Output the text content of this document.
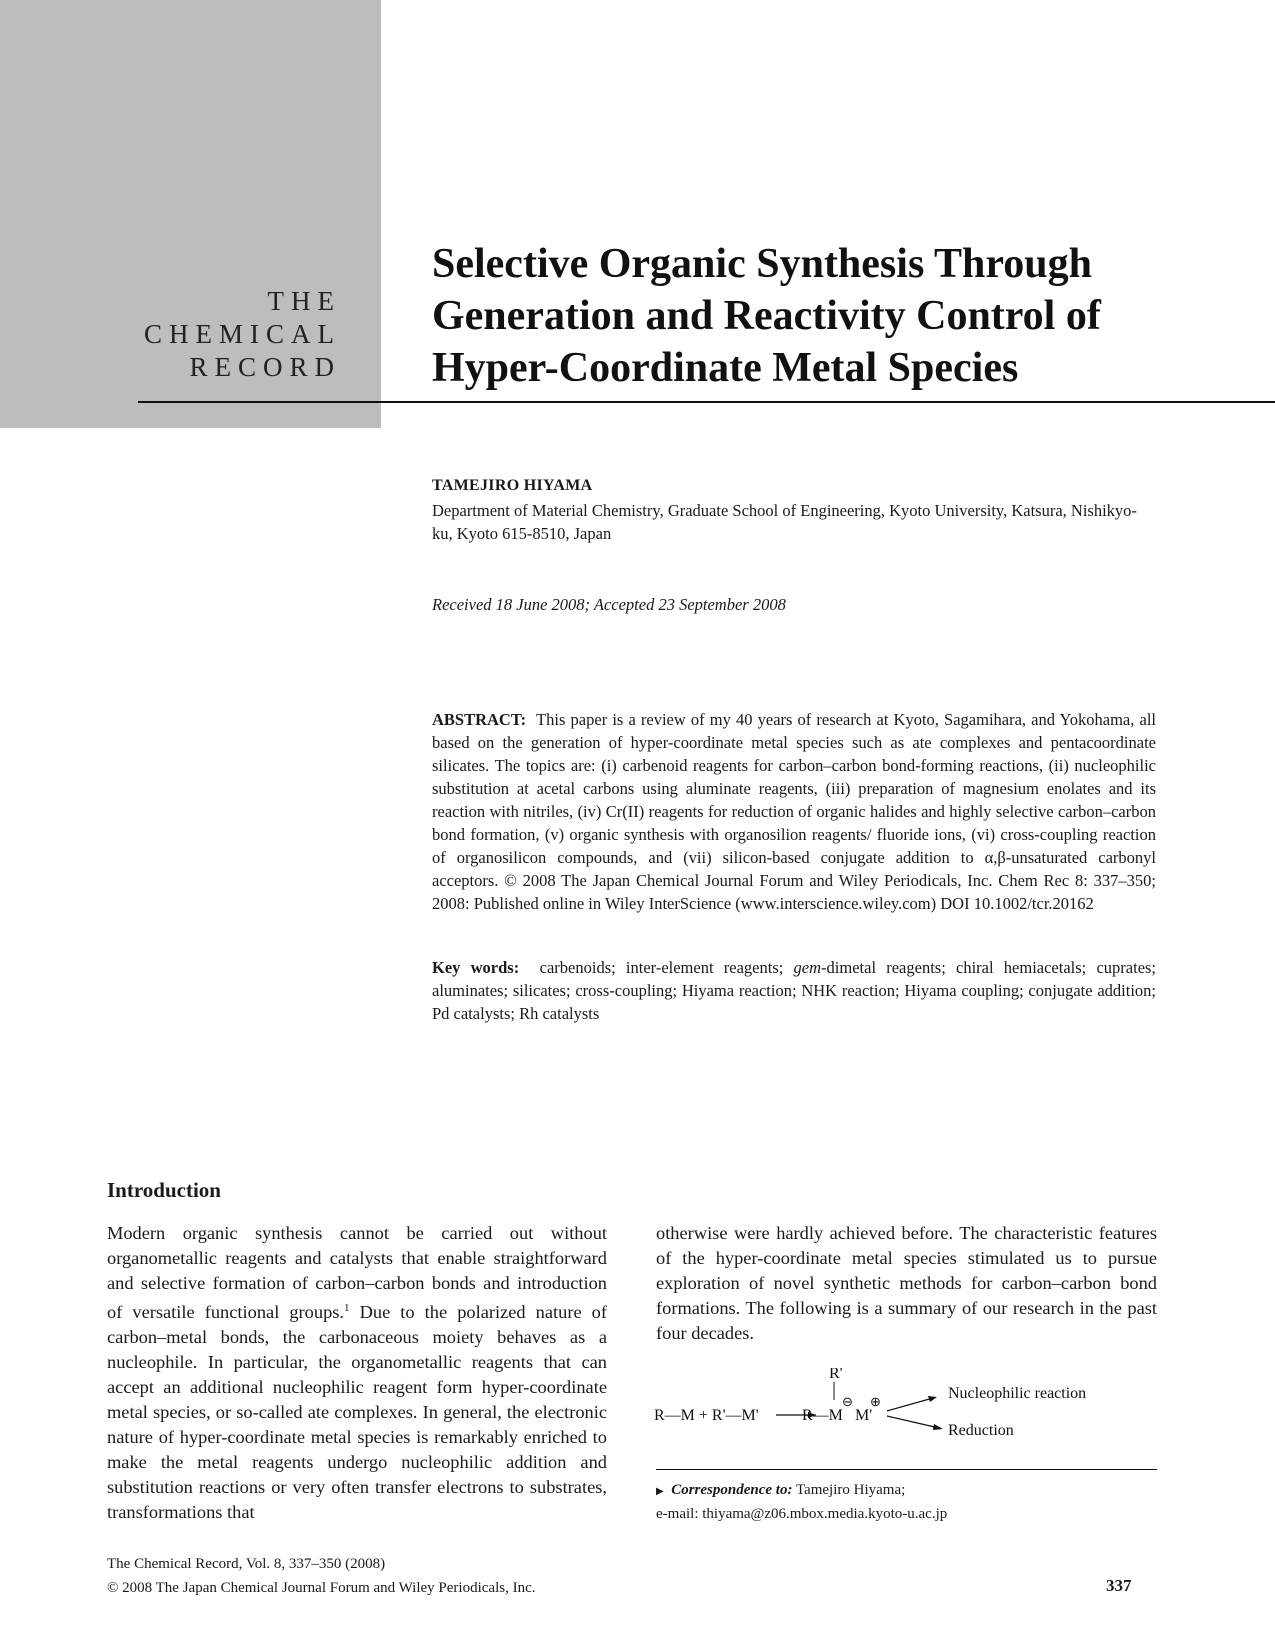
THE
CHEMICAL
RECORD
Selective Organic Synthesis Through
Generation and Reactivity Control of
Hyper-Coordinate Metal Species
TAMEJIRO HIYAMA
Department of Material Chemistry, Graduate School of Engineering, Kyoto University, Katsura, Nishikyo-ku, Kyoto 615-8510, Japan
Received 18 June 2008; Accepted 23 September 2008

ABSTRACT: This paper is a review of my 40 years of research at Kyoto, Sagamihara, and Yokohama, all based on the generation of hyper-coordinate metal species such as ate complexes and pentacoordinate silicates. The topics are: (i) carbenoid reagents for carbon–carbon bond-forming reactions, (ii) nucleophilic substitution at acetal carbons using aluminate reagents, (iii) preparation of magnesium enolates and its reaction with nitriles, (iv) Cr(II) reagents for reduction of organic halides and highly selective carbon–carbon bond formation, (v) organic synthesis with organosilion reagents/ fluoride ions, (vi) cross-coupling reaction of organosilicon compounds, and (vii) silicon-based conjugate addition to α,β-unsaturated carbonyl acceptors. © 2008 The Japan Chemical Journal Forum and Wiley Periodicals, Inc. Chem Rec 8: 337–350; 2008: Published online in Wiley InterScience (www.interscience.wiley.com) DOI 10.1002/tcr.20162

Key words: carbenoids; inter-element reagents; gem-dimetal reagents; chiral hemiacetals; cuprates; aluminates; silicates; cross-coupling; Hiyama reaction; NHK reaction; Hiyama coupling; conjugate addition; Pd catalysts; Rh catalysts

Introduction

Modern organic synthesis cannot be carried out without organometallic reagents and catalysts that enable straightforward and selective formation of carbon–carbon bonds and introduction of versatile functional groups.$^1$ Due to the polarized nature of carbon–metal bonds, the carbonaceous moiety behaves as a nucleophile. In particular, the organometallic reagents that can accept an additional nucleophilic reagent form hyper-coordinate metal species, or so-called ate complexes. In general, the electronic nature of hyper-coordinate metal species is remarkably enriched to make the metal reagents undergo nucleophilic addition and substitution reactions or very often transfer electrons to substrates, transformations that

otherwise were hardly achieved before. The characteristic features of the hyper-coordinate metal species stimulated us to pursue exploration of novel synthetic methods for carbon–carbon bond formations. The following is a summary of our research in the past four decades.

R—M + R'—M'
R'
R—M
⊖
M'
⊕	Nucleophilic reaction
Reduction
▶ Correspondence to: Tamejiro Hiyama;
e-mail: thiyama@z06.mbox.media.kyoto-u.ac.jp
The Chemical Record, Vol. 8, 337–350 (2008)
© 2008 The Japan Chemical Journal Forum and Wiley Periodicals, Inc.	337
